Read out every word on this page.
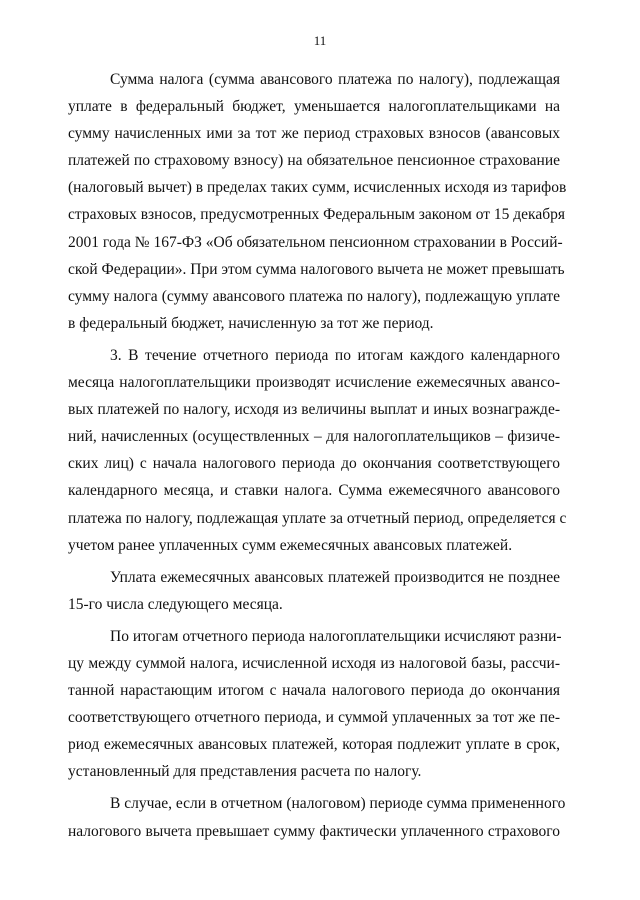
11

Сумма налога (сумма авансового платежа по налогу), подлежащая
уплате в федеральный бюджет, уменьшается налогоплательщиками на
сумму начисленных ими за тот же период страховых взносов (авансовых
платежей по страховому взносу) на обязательное пенсионное страхование
(налоговый вычет) в пределах таких сумм, исчисленных исходя из тарифов
страховых взносов, предусмотренных Федеральным законом от 15 декабря
2001 года № 167-ФЗ «Об обязательном пенсионном страховании в Россий-
ской Федерации». При этом сумма налогового вычета не может превышать
сумму налога (сумму авансового платежа по налогу), подлежащую уплате
в федеральный бюджет, начисленную за тот же период.

3. В течение отчетного периода по итогам каждого календарного
месяца налогоплательщики производят исчисление ежемесячных авансо-
вых платежей по налогу, исходя из величины выплат и иных вознагражде-
ний, начисленных (осуществленных – для налогоплательщиков – физиче-
ских лиц) с начала налогового периода до окончания соответствующего
календарного месяца, и ставки налога. Сумма ежемесячного авансового
платежа по налогу, подлежащая уплате за отчетный период, определяется с
учетом ранее уплаченных сумм ежемесячных авансовых платежей.

Уплата ежемесячных авансовых платежей производится не позднее
15-го числа следующего месяца.

По итогам отчетного периода налогоплательщики исчисляют разни-
цу между суммой налога, исчисленной исходя из налоговой базы, рассчи-
танной нарастающим итогом с начала налогового периода до окончания
соответствующего отчетного периода, и суммой уплаченных за тот же пе-
риод ежемесячных авансовых платежей, которая подлежит уплате в срок,
установленный для представления расчета по налогу.

В случае, если в отчетном (налоговом) периоде сумма примененного
налогового вычета превышает сумму фактически уплаченного страхового
